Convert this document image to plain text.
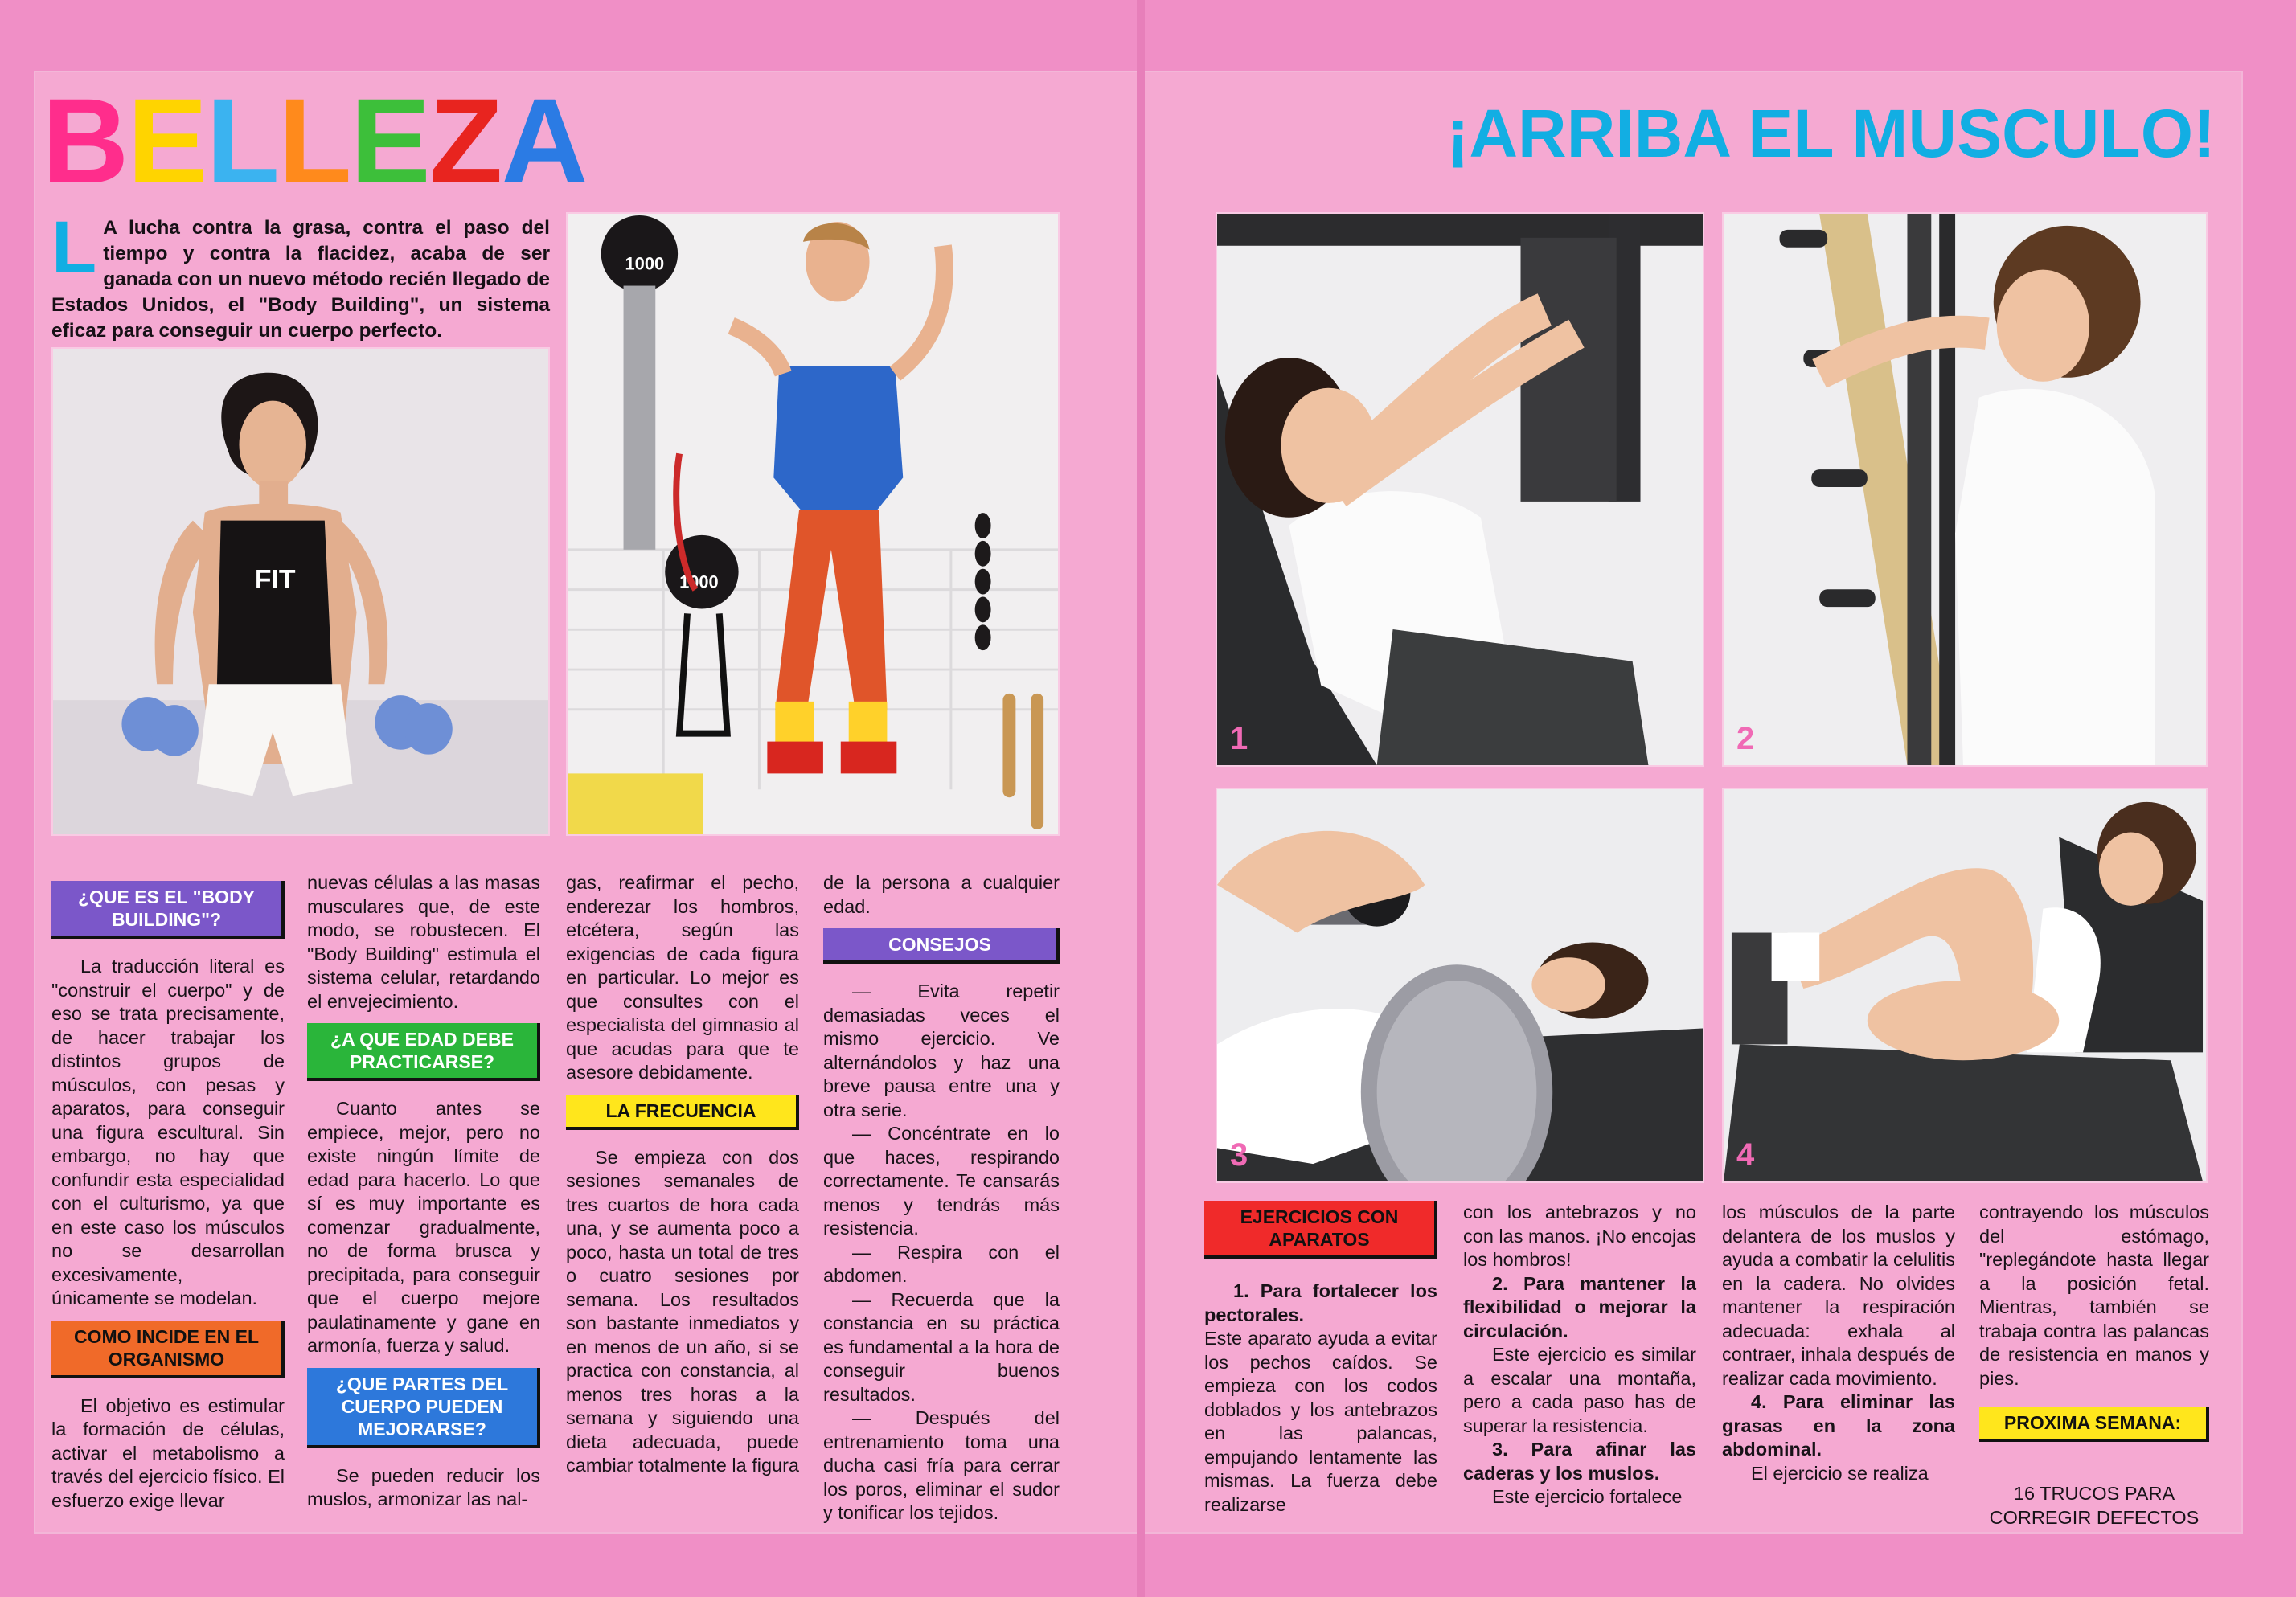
BELLEZA	¡ARRIBA EL MUSCULO!
L A lucha contra la grasa, contra el paso del tiempo y contra la flacidez, acaba de ser ganada con un nuevo método recién llegado de Estados Unidos, el "Body Building", un sistema eficaz para conseguir un cuerpo perfecto.
FIT
1000
1000
1	2
3	4
¿QUE ES EL "BODY BUILDING"?

La traducción literal es "construir el cuerpo" y de eso se trata precisamente, de hacer trabajar los distintos grupos de músculos, con pesas y aparatos, para conseguir una figura escultural. Sin embargo, no hay que confundir esta especialidad con el culturismo, ya que en este caso los músculos no se desarrollan excesivamente, únicamente se modelan.

COMO INCIDE EN EL ORGANISMO

El objetivo es estimular la formación de células, activar el metabolismo a través del ejercicio físico. El esfuerzo exige llevar

nuevas células a las masas musculares que, de este modo, se robustecen. El "Body Building" estimula el sistema celular, retardando el envejecimiento.

¿A QUE EDAD DEBE PRACTICARSE?

Cuanto antes se empiece, mejor, pero no existe ningún límite de edad para hacerlo. Lo que sí es muy importante es comenzar gradualmente, no de forma brusca y precipitada, para conseguir que el cuerpo mejore paulatinamente y gane en armonía, fuerza y salud.

¿QUE PARTES DEL CUERPO PUEDEN MEJORARSE?

Se pueden reducir los muslos, armonizar las nal-

gas, reafirmar el pecho, enderezar los hombros, etcétera, según las exigencias de cada figura en particular. Lo mejor es que consultes con el especialista del gimnasio al que acudas para que te asesore debidamente.

LA FRECUENCIA

Se empieza con dos sesiones semanales de tres cuartos de hora cada una, y se aumenta poco a poco, hasta un total de tres o cuatro sesiones por semana. Los resultados son bastante inmediatos y en menos de un año, si se practica con constancia, al menos tres horas a la semana y siguiendo una dieta adecuada, puede cambiar totalmente la figura

de la persona a cualquier edad.

CONSEJOS

— Evita repetir demasiadas veces el mismo ejercicio. Ve alternándolos y haz una breve pausa entre una y otra serie.

— Concéntrate en lo que haces, respirando correctamente. Te cansarás menos y tendrás más resistencia.

— Respira con el abdomen.

— Recuerda que la constancia en su práctica es fundamental a la hora de conseguir buenos resultados.

— Después del entrenamiento toma una ducha casi fría para cerrar los poros, eliminar el sudor y tonificar los tejidos.

EJERCICIOS CON APARATOS

1. Para fortalecer los pectorales.

Este aparato ayuda a evitar los pechos caídos. Se empieza con los codos doblados y los antebrazos en las palancas, empujando lentamente las mismas. La fuerza debe realizarse

con los antebrazos y no con las manos. ¡No encojas los hombros!

2. Para mantener la flexibilidad o mejorar la circulación.

Este ejercicio es similar a escalar una montaña, pero a cada paso has de superar la resistencia.

3. Para afinar las caderas y los muslos.

Este ejercicio fortalece

los músculos de la parte delantera de los muslos y ayuda a combatir la celulitis en la cadera. No olvides mantener la respiración adecuada: exhala al contraer, inhala después de realizar cada movimiento.

4. Para eliminar las grasas en la zona abdominal.

El ejercicio se realiza

contrayendo los músculos del estómago, "replegándote hasta llegar a la posición fetal. Mientras, también se trabaja contra las palancas de resistencia en manos y pies.

PROXIMA SEMANA:

16 TRUCOS PARA CORREGIR DEFECTOS
